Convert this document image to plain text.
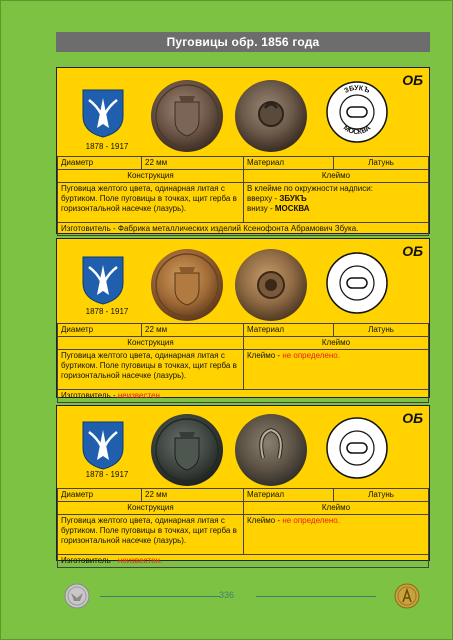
Пуговицы обр. 1856 года
1878 - 1917
ЗБУКЪ
МОСКВА
ОБ
Диаметр	22 мм	Материал	Латунь
Конструкция		Клеймо	
Пуговица желтого цвета, одинарная литая с буртиком. Поле пуговицы в точках, щит герба в горизонтальной насечке (лазурь).		В клейме по окружности надписи:
вверху - ЗБУКЪ
внизу - МОСКВА	

Изготовитель - Фабрика металлических изделий Ксенофонта Абрамович Збука.			
1878 - 1917
ОБ
Диаметр	22 мм	Материал	Латунь
Конструкция		Клеймо	
Пуговица желтого цвета, одинарная литая с буртиком. Поле пуговицы в точках, щит герба в горизонтальной насечке (лазурь).		Клеймо - не определено.	
Изготовитель - неизвестен.			
1878 - 1917
ОБ
Диаметр	22 мм	Материал	Латунь
Конструкция		Клеймо	
Пуговица желтого цвета, одинарная литая с буртиком. Поле пуговицы в точках, щит герба в горизонтальной насечке (лазурь).		Клеймо - не определено.	
Изготовитель - неизвестен.			
336
